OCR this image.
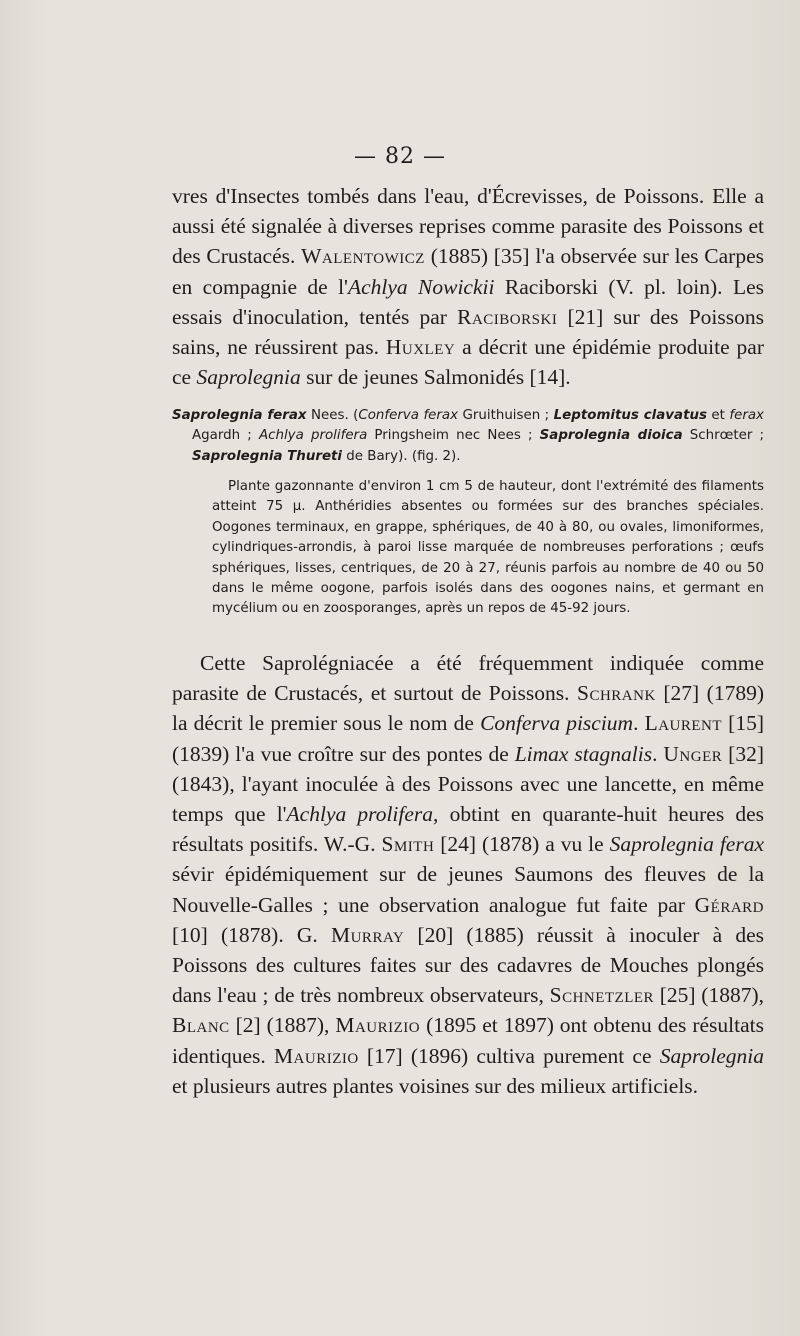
— 82 —

vres d'Insectes tombés dans l'eau, d'Écrevisses, de Poissons. Elle a aussi été signalée à diverses reprises comme parasite des Poissons et des Crustacés. Walentowicz (1885) [35] l'a observée sur les Carpes en compagnie de l'Achlya Nowickii Raciborski (V. pl. loin). Les essais d'inoculation, tentés par Raciborski [21] sur des Poissons sains, ne réussirent pas. Huxley a décrit une épidémie produite par ce Saprolegnia sur de jeunes Salmonidés [14].

Saprolegnia ferax Nees. (Conferva ferax Gruithuisen ; Leptomitus clavatus et ferax Agardh ; Achlya prolifera Pringsheim nec Nees ; Saprolegnia dioica Schrœter ; Saprolegnia Thureti de Bary). (fig. 2).

Plante gazonnante d'environ 1 cm 5 de hauteur, dont l'extrémité des filaments atteint 75 μ. Anthéridies absentes ou formées sur des branches spéciales. Oogones terminaux, en grappe, sphériques, de 40 à 80, ou ovales, limoniformes, cylindriques-arrondis, à paroi lisse marquée de nombreuses perforations ; œufs sphériques, lisses, centriques, de 20 à 27, réunis parfois au nombre de 40 ou 50 dans le même oogone, parfois isolés dans des oogones nains, et germant en mycélium ou en zoosporanges, après un repos de 45-92 jours.

Cette Saprolégniacée a été fréquemment indiquée comme parasite de Crustacés, et surtout de Poissons. Schrank [27] (1789) la décrit le premier sous le nom de Conferva piscium. Laurent [15] (1839) l'a vue croître sur des pontes de Limax stagnalis. Unger [32] (1843), l'ayant inoculée à des Poissons avec une lancette, en même temps que l'Achlya prolifera, obtint en quarante-huit heures des résultats positifs. W.-G. Smith [24] (1878) a vu le Saprolegnia ferax sévir épidémiquement sur de jeunes Saumons des fleuves de la Nouvelle-Galles ; une observation analogue fut faite par Gérard [10] (1878). G. Murray [20] (1885) réussit à inoculer à des Poissons des cultures faites sur des cadavres de Mouches plongés dans l'eau ; de très nombreux observateurs, Schnetzler [25] (1887), Blanc [2] (1887), Maurizio (1895 et 1897) ont obtenu des résultats identiques. Maurizio [17] (1896) cultiva purement ce Saprolegnia et plusieurs autres plantes voisines sur des milieux artificiels.
